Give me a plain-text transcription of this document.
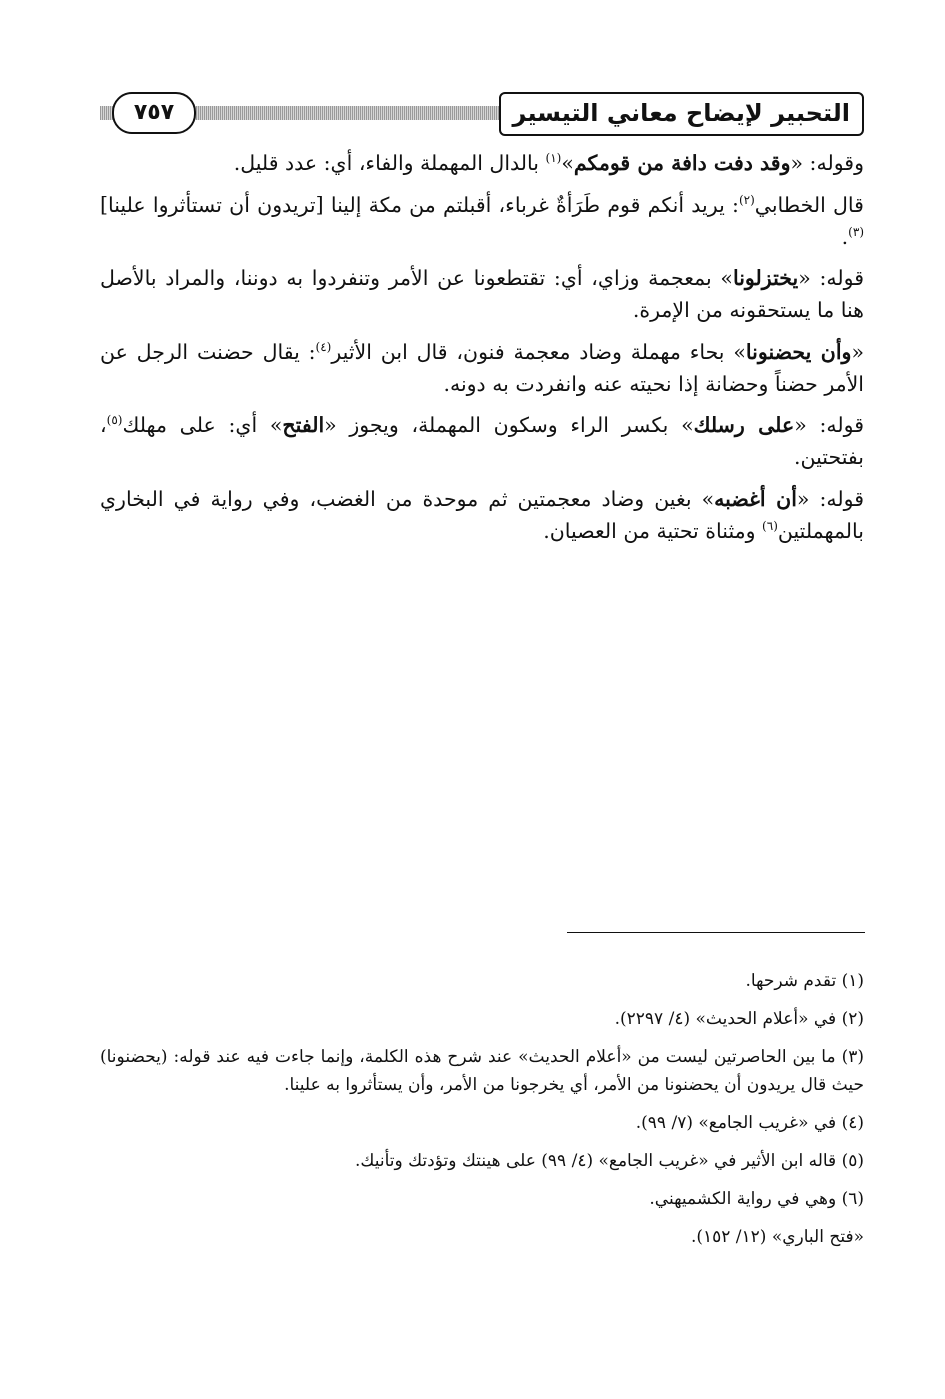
التحبير لإيضاح معاني التيسير
٧٥٧

وقوله: «وقد دفت دافة من قومكم»$^{(١)}$ بالدال المهملة والفاء، أي: عدد قليل.

قال الخطابي$^{(٢)}$: يريد أنكم قوم طَرَأةٌ غرباء، أقبلتم من مكة إلينا [تريدون أن تستأثروا علينا]$^{(٣)}$.

قوله: «يختزلونا» بمعجمة وزاي، أي: تقتطعونا عن الأمر وتنفردوا به دوننا، والمراد بالأصل هنا ما يستحقونه من الإمرة.

«وأن يحضنونا» بحاء مهملة وضاد معجمة فنون، قال ابن الأثير$^{(٤)}$: يقال حضنت الرجل عن الأمر حضناً وحضانة إذا نحيته عنه وانفردت به دونه.

قوله: «على رسلك» بكسر الراء وسكون المهملة، ويجوز «الفتح» أي: على مهلك$^{(٥)}$، بفتحتين.

قوله: «أن أغضبه» بغين وضاد معجمتين ثم موحدة من الغضب، وفي رواية في البخاري بالمهملتين$^{(٦)}$ ومثناة تحتية من العصيان.

(١) تقدم شرحها.

(٢) في «أعلام الحديث» (٤/ ٢٢٩٧).

(٣) ما بين الحاصرتين ليست من «أعلام الحديث» عند شرح هذه الكلمة، وإنما جاءت فيه عند قوله: (يحضنونا) حيث قال يريدون أن يحضنونا من الأمر، أي يخرجونا من الأمر، وأن يستأثروا به علينا.

(٤) في «غريب الجامع» (٧/ ٩٩).

(٥) قاله ابن الأثير في «غريب الجامع» (٤/ ٩٩) على هينتك وتؤدتك وتأنيك.

(٦) وهي في رواية الكشميهني.

«فتح الباري» (١٢/ ١٥٢).
